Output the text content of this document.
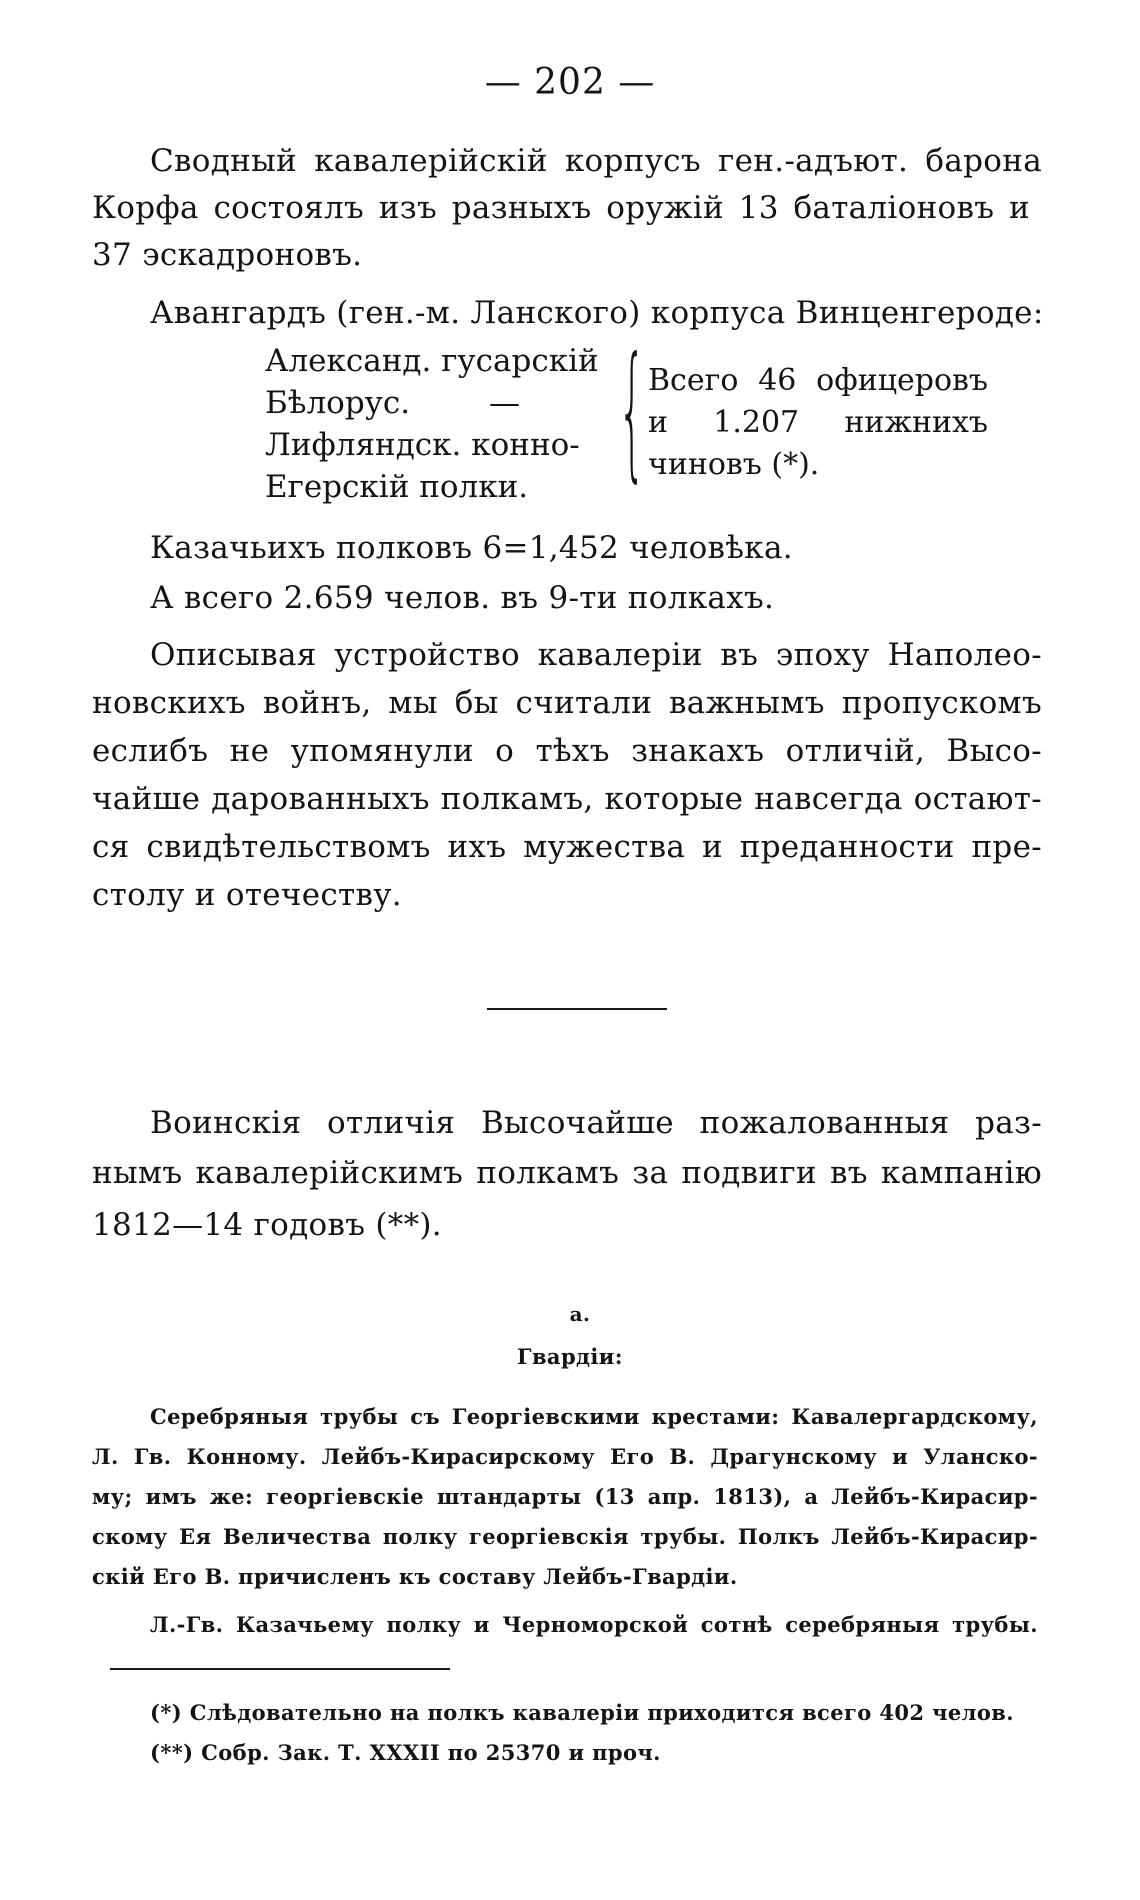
— 202 —
Сводный кавалерійскій корпусъ ген.-адъют. барона
Корфа состоялъ изъ разныхъ оружій 13 баталіоновъ и
37 эскадроновъ.
Авангардъ (ген.-м. Ланского) корпуса Винценгероде:
Александ. гусарскій
Бѣлорус.        —
Лифляндск. конно-
Егерскій полки. { Всего 46 офицеровъ
и 1.207 нижнихъ
чиновъ (*).
Казачьихъ полковъ 6=1,452 человѣка.
А всего 2.659 челов. въ 9-ти полкахъ.
Описывая устройство кавалеріи въ эпоху Наполео-
новскихъ войнъ, мы бы считали важнымъ пропускомъ
еслибъ не упомянули о тѣхъ знакахъ отличій, Высо-
чайше дарованныхъ полкамъ, которые навсегда остают-
ся свидѣтельствомъ ихъ мужества и преданности пре-
столу и отечеству.
Воинскія отличія Высочайше пожалованныя раз-
нымъ кавалерійскимъ полкамъ за подвиги въ кампанію
1812—14 годовъ (**).
а.
Гвардіи:
Серебряныя трубы съ Георгіевскими крестами: Кавалергардскому,
Л. Гв. Конному. Лейбъ-Кирасирскому Его В. Драгунскому и Уланско-
му; имъ же: георгіевскіе штандарты (13 апр. 1813), а Лейбъ-Кирасир-
скому Ея Величества полку георгіевскія трубы. Полкъ Лейбъ-Кирасир-
скій Его В. причисленъ къ составу Лейбъ-Гвардіи.
Л.-Гв. Казачьему полку и Черноморской сотнѣ серебряныя трубы.
(*) Слѣдовательно на полкъ кавалеріи приходится всего 402 челов.
(**) Собр. Зак. Т. XXXII по 25370 и проч.
